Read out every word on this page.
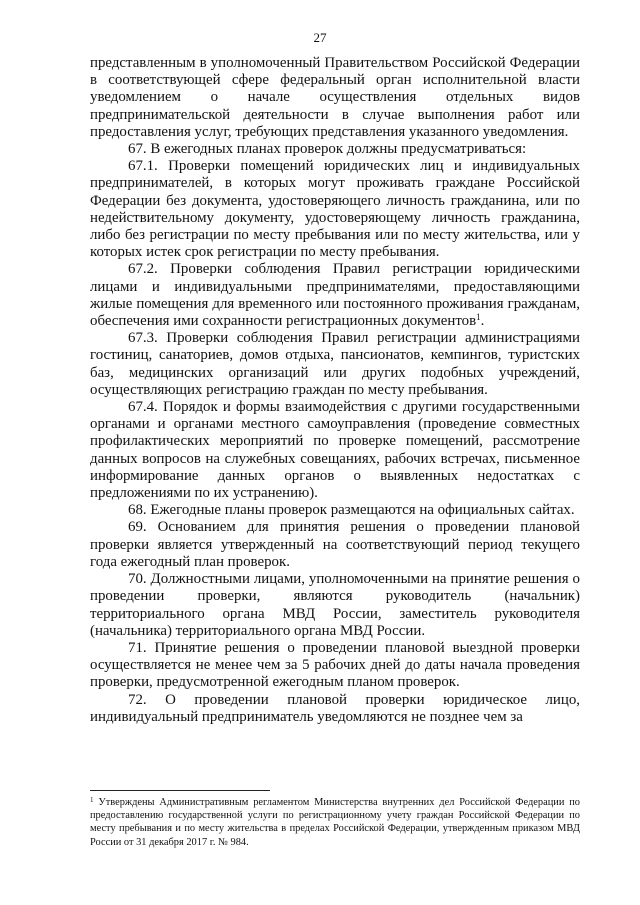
27

представленным в уполномоченный Правительством Российской Федерации в соответствующей сфере федеральный орган исполнительной власти уведомлением о начале осуществления отдельных видов предпринимательской деятельности в случае выполнения работ или предоставления услуг, требующих представления указанного уведомления.

67. В ежегодных планах проверок должны предусматриваться:

67.1. Проверки помещений юридических лиц и индивидуальных предпринимателей, в которых могут проживать граждане Российской Федерации без документа, удостоверяющего личность гражданина, или по недействительному документу, удостоверяющему личность гражданина, либо без регистрации по месту пребывания или по месту жительства, или у которых истек срок регистрации по месту пребывания.

67.2. Проверки соблюдения Правил регистрации юридическими лицами и индивидуальными предпринимателями, предоставляющими жилые помещения для временного или постоянного проживания гражданам, обеспечения ими сохранности регистрационных документов$^1$.

67.3. Проверки соблюдения Правил регистрации администрациями гостиниц, санаториев, домов отдыха, пансионатов, кемпингов, туристских баз, медицинских организаций или других подобных учреждений, осуществляющих регистрацию граждан по месту пребывания.

67.4. Порядок и формы взаимодействия с другими государственными органами и органами местного самоуправления (проведение совместных профилактических мероприятий по проверке помещений, рассмотрение данных вопросов на служебных совещаниях, рабочих встречах, письменное информирование данных органов о выявленных недостатках с предложениями по их устранению).

68. Ежегодные планы проверок размещаются на официальных сайтах.

69. Основанием для принятия решения о проведении плановой проверки является утвержденный на соответствующий период текущего года ежегодный план проверок.

70. Должностными лицами, уполномоченными на принятие решения о проведении проверки, являются руководитель (начальник) территориального органа МВД России, заместитель руководителя (начальника) территориального органа МВД России.

71. Принятие решения о проведении плановой выездной проверки осуществляется не менее чем за 5 рабочих дней до даты начала проведения проверки, предусмотренной ежегодным планом проверок.

72. О проведении плановой проверки юридическое лицо, индивидуальный предприниматель уведомляются не позднее чем за

$^1$ Утверждены Административным регламентом Министерства внутренних дел Российской Федерации по предоставлению государственной услуги по регистрационному учету граждан Российской Федерации по месту пребывания и по месту жительства в пределах Российской Федерации, утвержденным приказом МВД России от 31 декабря 2017 г. № 984.
